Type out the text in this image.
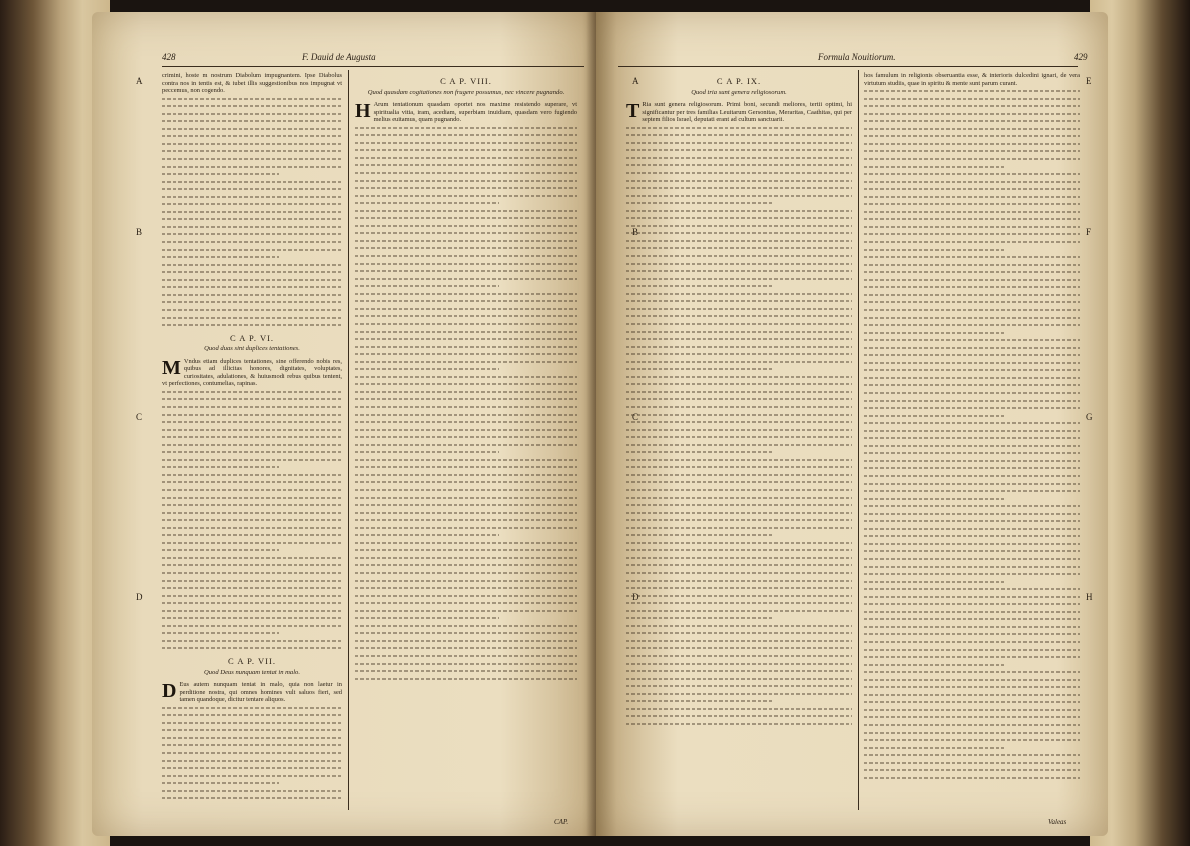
428	F. Dauid de Augusta
A
B
C
D

crimini, hoste m nostrum Diabolum impugnantem. Ipse Diabolus contra nos in tentis est, & iubet illis suggestionibus nos impugnat vt peccemus, non cogendo.

C A P. VI.
Quod duas sint duplices tentationes.

M Vndus etiam duplices tentationes, sine offerendo nobis res, quibus ad illicitas honores, dignitates, voluptates, curiositates, adulationes, & huiusmodi rebus quibus tentent, vt perfectiones, contumelias, rapinas.

C A P. VII.
Quod Deus nunquam tentat in malo.

D Eus autem nunquam tentat in malo, quia non laetur in perditione nostra, qui omnes homines vult saluos fieri, sed tamen quandoque, dicitur tentare aliquos.

C A P. VIII.
Quod quasdam cogitationes non frugere possumus, nec vincere pugnando.

H Arum tentationum quasdam oportet nos maxime resistendo superare, vt spiritualia vitia, iram, acediam, superbiam inuidiam, quasdam vero fugiendo melius euitamus, quam pugnando.

CAP.
Formula Nouitiorum.	429
A
B
C
D
E
F
G
H
C A P. IX.
Quod tria sunt genera religiosorum.

T Ria sunt genera religiosorum. Primi boni, secundi meliores, tertii optimi, hi significantur per tres familias Leuitarum Gersonitas, Meraritas, Caathitas, qui per septem filios Israel, deputati erant ad cultum sanctuarii.

hos famulum in religionis obseruantia esse, & interioris dulcedini ignari, de vera virtutum studiis, quae in spiritu & mente sunt parum curant.

Valeas
